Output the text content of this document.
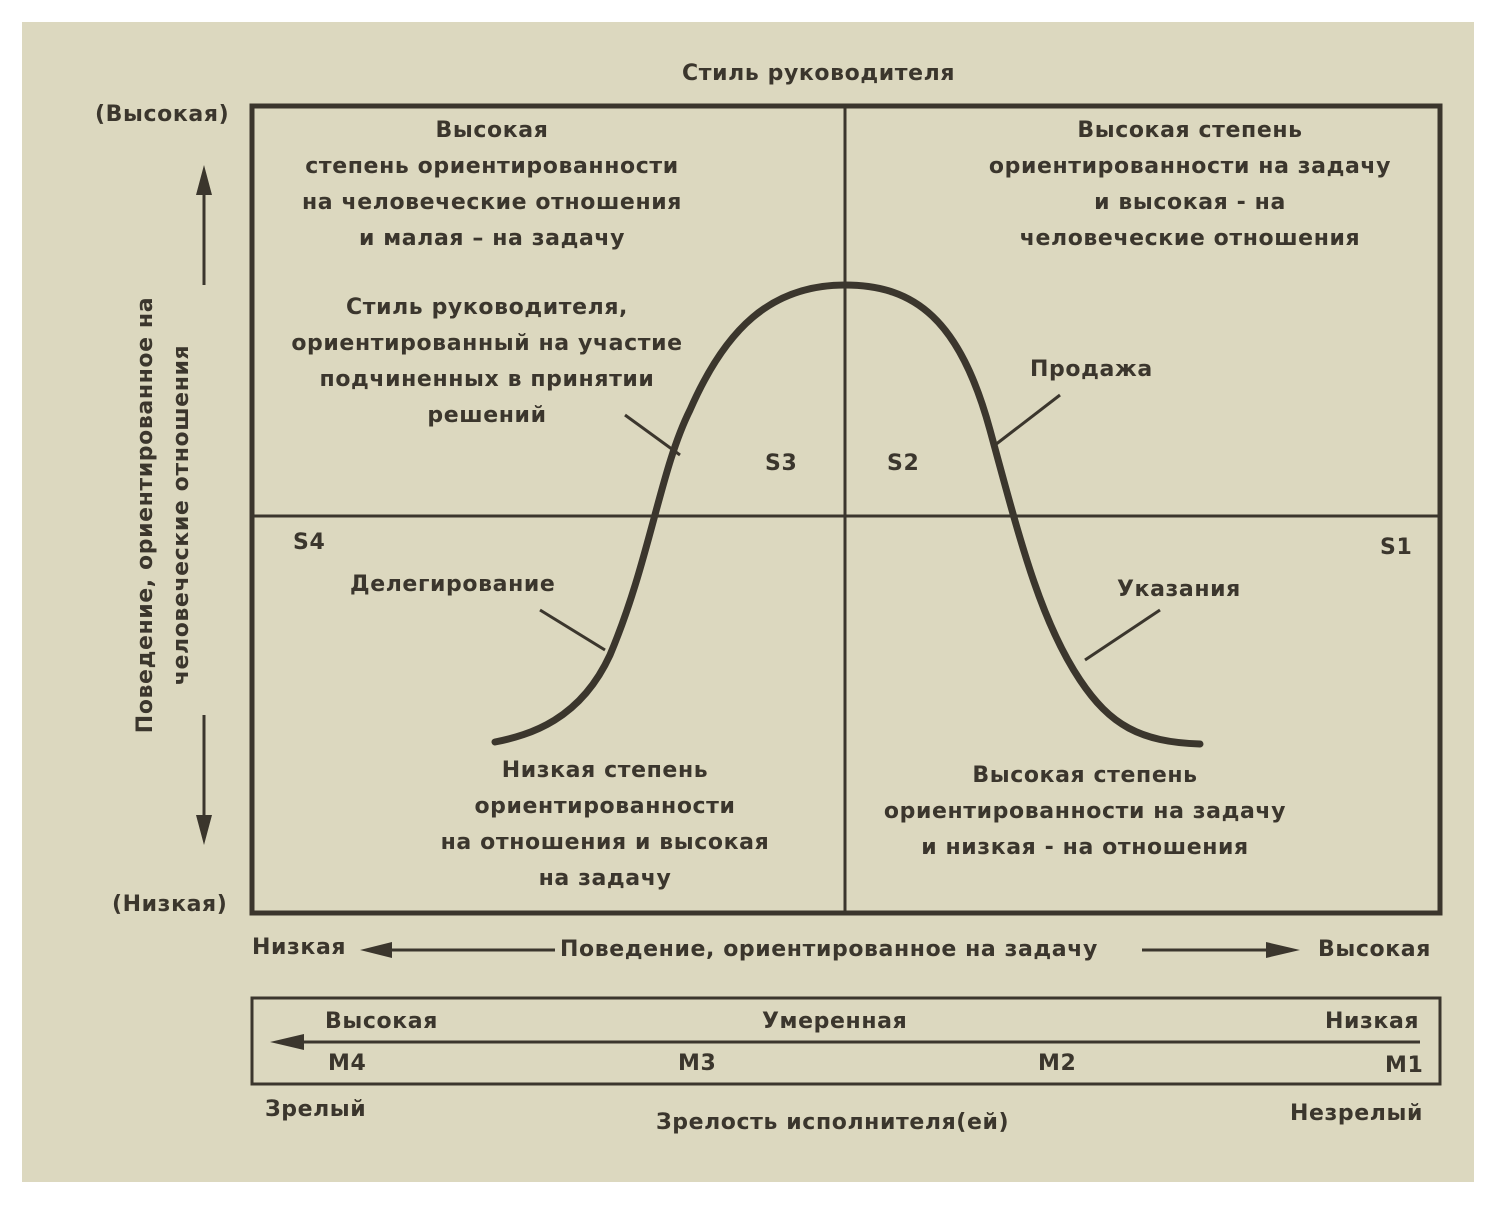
Стиль руководителя
(Высокая)
(Низкая)
Поведение, ориентированное на человеческие отношения
Высокая
степень ориентированности
на человеческие отношения
и малая – на задачу
Высокая степень
ориентированности на задачу
и высокая - на
человеческие отношения
Низкая степень
ориентированности
на отношения и высокая
на задачу
Высокая степень
ориентированности на задачу
и низкая - на отношения
Стиль руководителя,
ориентированный на участие
подчиненных в принятии
решений
Продажа
Делегирование	Указания
S3	S2
S4	S1
Низкая	Поведение, ориентированное на задачу	Высокая
Высокая	Умеренная	Низкая
M4	M3	M2	M1
Зрелый
Зрелость исполнителя(ей)	Незрелый
